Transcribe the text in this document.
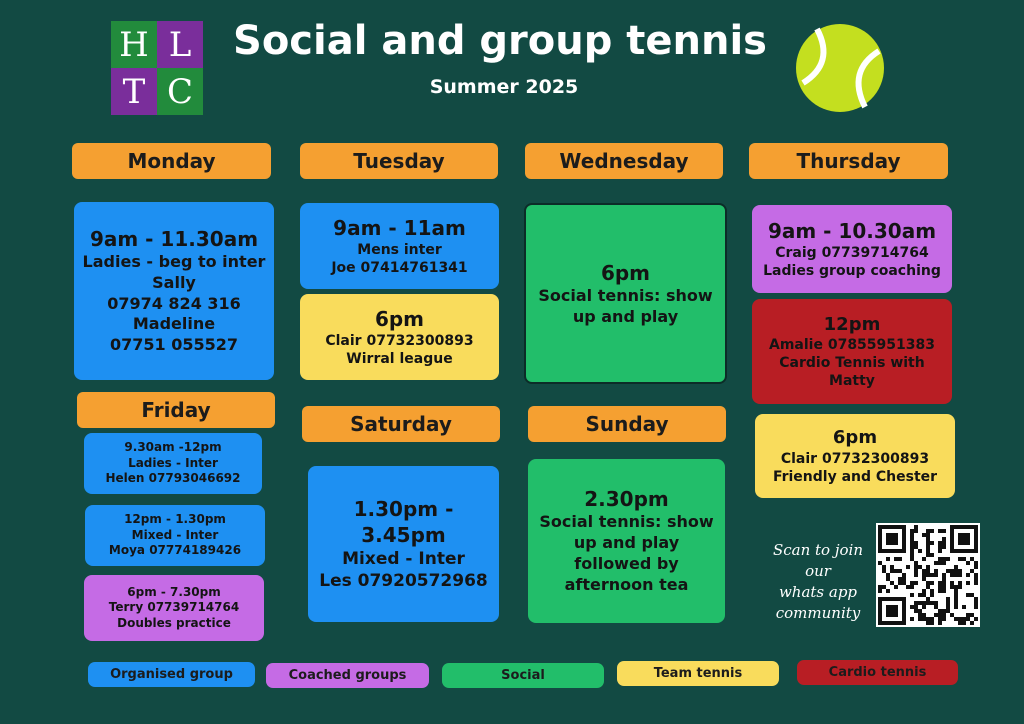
H L
T C
Social and group tennis
Summer 2025
Monday	Tuesday	Wednesday	Thursday
Friday
Saturday	Sunday
9am - 11.30am
Ladies - beg to inter
Sally
07974 824 316
Madeline
07751 055527
9am - 11am
Mens inter
Joe 07414761341
6pm
Clair 07732300893
Wirral league
6pm
Social tennis: show
up and play
9am - 10.30am
Craig 07739714764
Ladies group coaching
12pm
Amalie 07855951383
Cardio Tennis with
Matty
6pm
Clair 07732300893
Friendly and Chester
9.30am -12pm
Ladies - Inter
Helen 07793046692
12pm - 1.30pm
Mixed - Inter
Moya 07774189426
6pm - 7.30pm
Terry 07739714764
Doubles practice
1.30pm - 3.45pm
Mixed - Inter
Les 07920572968
2.30pm
Social tennis: show
up and play
followed by
afternoon tea
Scan to join
our
whats app
community
Organised group	Coached groups	Social	Team tennis	Cardio tennis
